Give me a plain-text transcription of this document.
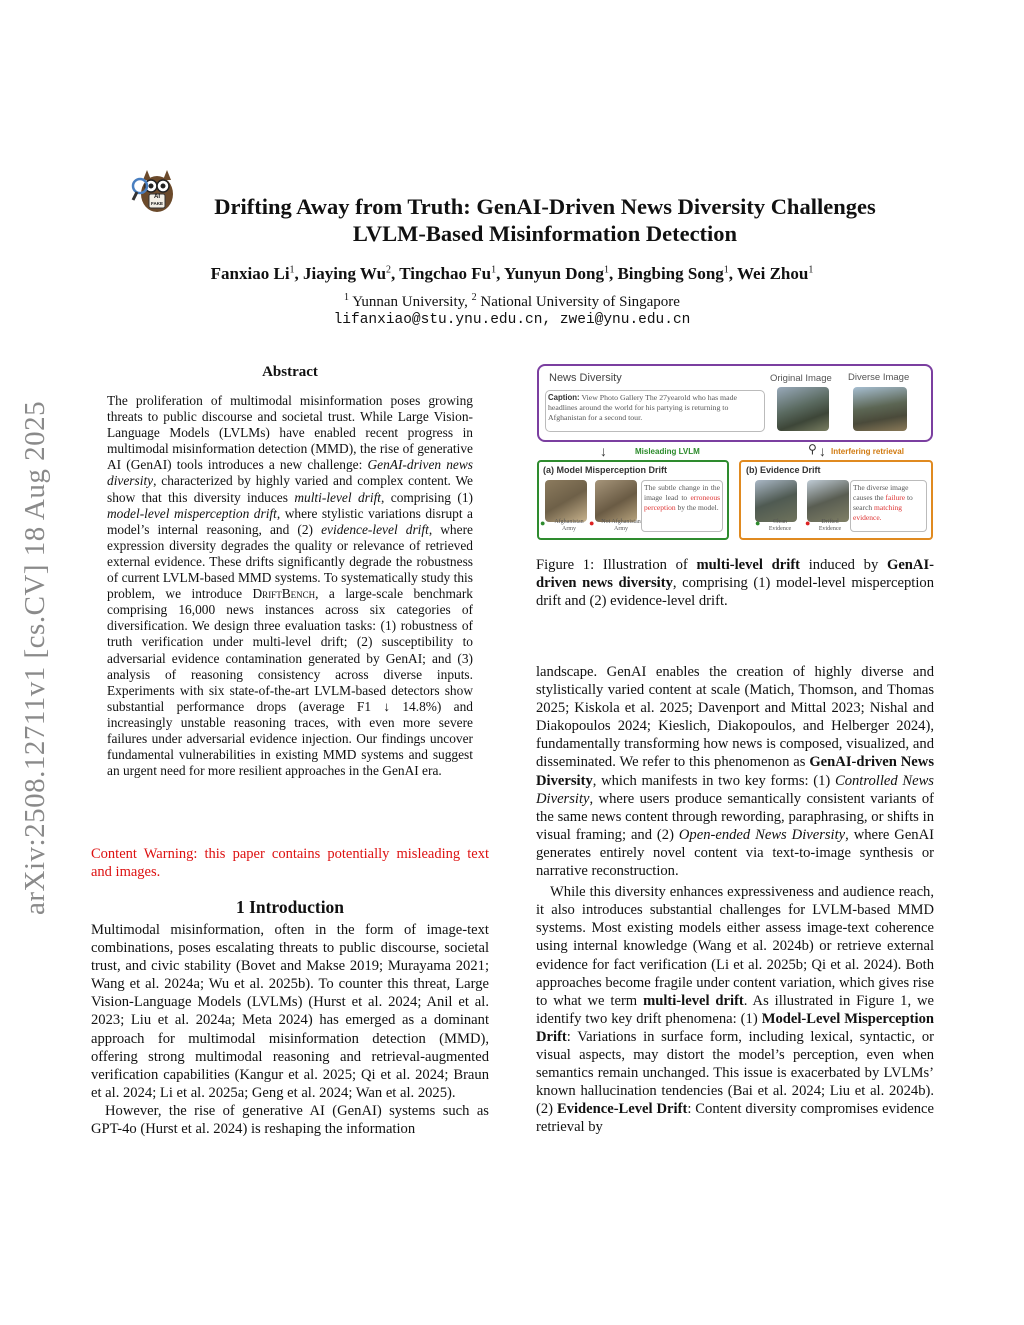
arXiv:2508.12711v1 [cs.CV] 18 Aug 2025
AI
FAKE	Drifting Away from Truth: GenAI-Driven News Diversity Challenges
LVLM-Based Misinformation Detection
Fanxiao Li$^1$, Jiaying Wu$^2$, Tingchao Fu$^1$, Yunyun Dong$^1$, Bingbing Song$^1$, Wei Zhou$^1$
$^1$ Yunnan University, $^2$ National University of Singapore
lifanxiao@stu.ynu.edu.cn, zwei@ynu.edu.cn
Abstract
The proliferation of multimodal misinformation poses growing threats to public discourse and societal trust. While Large Vision-Language Models (LVLMs) have enabled recent progress in multimodal misinformation detection (MMD), the rise of generative AI (GenAI) tools introduces a new challenge: GenAI-driven news diversity, characterized by highly varied and complex content. We show that this diversity induces multi-level drift, comprising (1) model-level misperception drift, where stylistic variations disrupt a model’s internal reasoning, and (2) evidence-level drift, where expression diversity degrades the quality or relevance of retrieved external evidence. These drifts significantly degrade the robustness of current LVLM-based MMD systems. To systematically study this problem, we introduce DriftBench, a large-scale benchmark comprising 16,000 news instances across six categories of diversification. We design three evaluation tasks: (1) robustness of truth verification under multi-level drift; (2) susceptibility to adversarial evidence contamination generated by GenAI; and (3) analysis of reasoning consistency across diverse inputs. Experiments with six state-of-the-art LVLM-based detectors show substantial performance drops (average F1 ↓ 14.8%) and increasingly unstable reasoning traces, with even more severe failures under adversarial evidence injection. Our findings uncover fundamental vulnerabilities in existing MMD systems and suggest an urgent need for more resilient approaches in the GenAI era.
Content Warning: this paper contains potentially misleading text and images.
1 Introduction

Multimodal misinformation, often in the form of image-text combinations, poses escalating threats to public discourse, societal trust, and civic stability (Bovet and Makse 2019; Murayama 2021; Wang et al. 2024a; Wu et al. 2025b). To counter this threat, Large Vision-Language Models (LVLMs) (Hurst et al. 2024; Anil et al. 2023; Liu et al. 2024a; Meta 2024) has emerged as a dominant approach for multimodal misinformation detection (MMD), offering strong multimodal reasoning and retrieval-augmented verification capabilities (Kangur et al. 2025; Qi et al. 2024; Braun et al. 2024; Li et al. 2025a; Geng et al. 2024; Wan et al. 2025).

However, the rise of generative AI (GenAI) systems such as GPT-4o (Hurst et al. 2024) is reshaping the information

News Diversity	Original Image Diverse Image
Caption: View Photo Gallery The 27yearold who has made headlines around the world for his partying is returning to Afghanistan for a second tour.
↓	Misleading LVLM	⚲ ↓ Interfering retrieval
(a) Model Misperception Drift
●	Afghanistan Army
●	Not Afghanistan Army
The subtle change in the image lead to erroneous perception by the model.
(b) Evidence Drift
●	Clean Evidence
●	Drifted Evidence
The diverse image causes the failure to search matching evidence.
Figure 1: Illustration of multi-level drift induced by GenAI-driven news diversity, comprising (1) model-level misperception drift and (2) evidence-level drift.

landscape. GenAI enables the creation of highly diverse and stylistically varied content at scale (Matich, Thomson, and Thomas 2025; Kiskola et al. 2025; Davenport and Mittal 2023; Nishal and Diakopoulos 2024; Kieslich, Diakopoulos, and Helberger 2024), fundamentally transforming how news is composed, visualized, and disseminated. We refer to this phenomenon as GenAI-driven News Diversity, which manifests in two key forms: (1) Controlled News Diversity, where users produce semantically consistent variants of the same news content through rewording, paraphrasing, or shifts in visual framing; and (2) Open-ended News Diversity, where GenAI generates entirely novel content via text-to-image synthesis or narrative reconstruction.

While this diversity enhances expressiveness and audience reach, it also introduces substantial challenges for LVLM-based MMD systems. Most existing models either assess image-text coherence using internal knowledge (Wang et al. 2024b) or retrieve external evidence for fact verification (Li et al. 2025b; Qi et al. 2024). Both approaches become fragile under content variation, which gives rise to what we term multi-level drift. As illustrated in Figure 1, we identify two key drift phenomena: (1) Model-Level Misperception Drift: Variations in surface form, including lexical, syntactic, or visual aspects, may distort the model’s perception, even when semantics remain unchanged. This issue is exacerbated by LVLMs’ known hallucination tendencies (Bai et al. 2024; Liu et al. 2024b). (2) Evidence-Level Drift: Content diversity compromises evidence retrieval by
